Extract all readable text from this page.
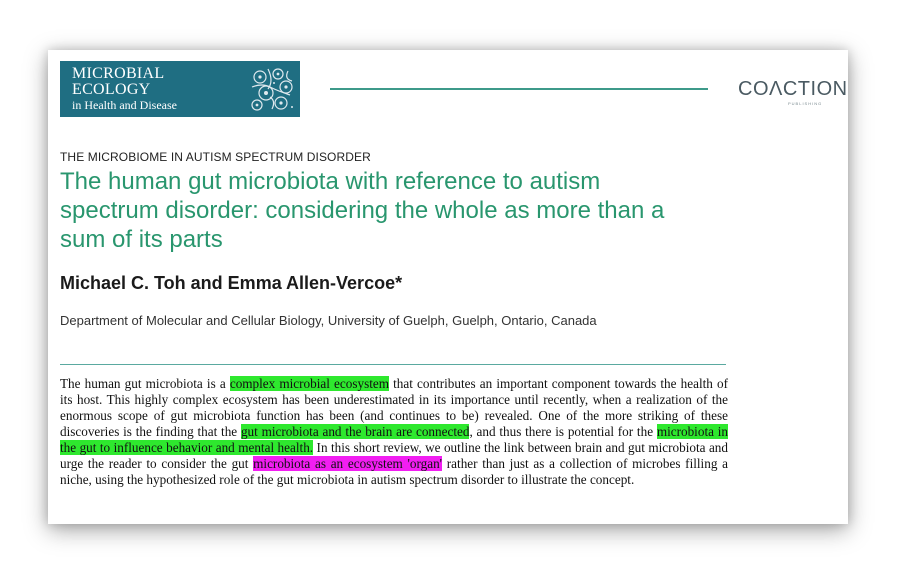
MICROBIAL
ECOLOGY
in Health and Disease
COΛCTION
PUBLISHING
THE MICROBIOME IN AUTISM SPECTRUM DISORDER
The human gut microbiota with reference to autism spectrum disorder: considering the whole as more than a sum of its parts
Michael C. Toh and Emma Allen-Vercoe*
Department of Molecular and Cellular Biology, University of Guelph, Guelph, Ontario, Canada
The human gut microbiota is a complex microbial ecosystem that contributes an important component towards the health of its host. This highly complex ecosystem has been underestimated in its importance until recently, when a realization of the enormous scope of gut microbiota function has been (and continues to be) revealed. One of the more striking of these discoveries is the finding that the gut microbiota and the brain are connected, and thus there is potential for the microbiota in the gut to influence behavior and mental health. In this short review, we outline the link between brain and gut microbiota and urge the reader to consider the gut microbiota as an ecosystem 'organ' rather than just as a collection of microbes filling a niche, using the hypothesized role of the gut microbiota in autism spectrum disorder to illustrate the concept.
